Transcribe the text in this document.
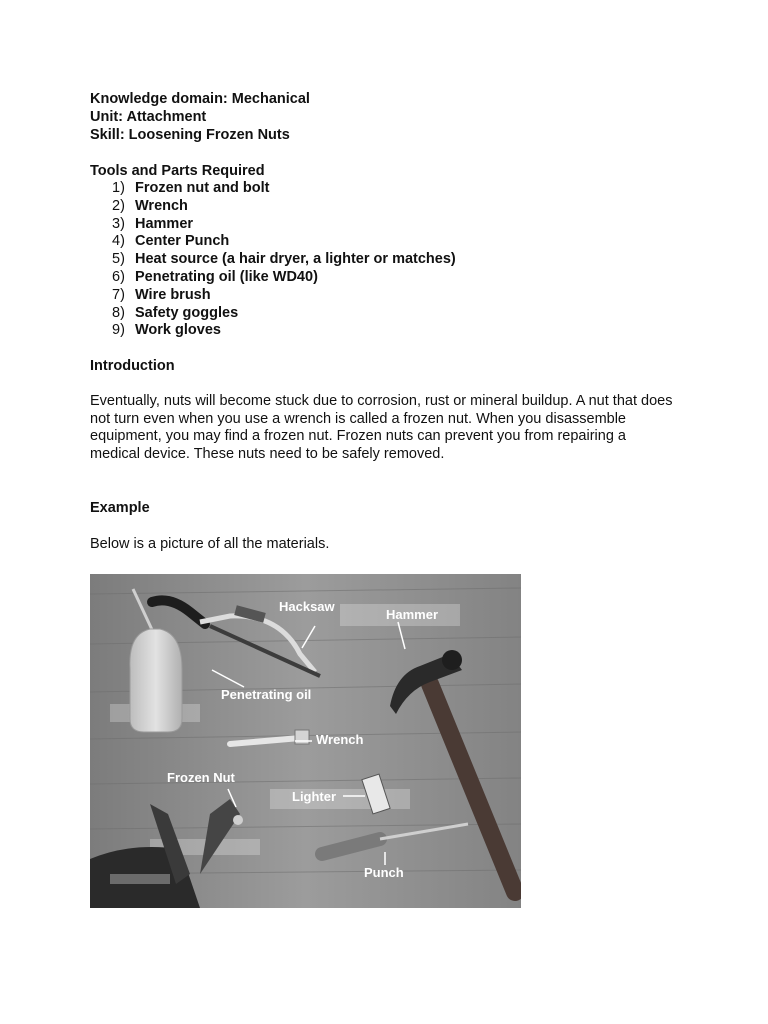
Knowledge domain: Mechanical
Unit: Attachment
Skill: Loosening Frozen Nuts
Tools and Parts Required
1) Frozen nut and bolt
2) Wrench
3) Hammer
4) Center Punch
5) Heat source (a hair dryer, a lighter or matches)
6) Penetrating oil (like WD40)
7) Wire brush
8) Safety goggles
9) Work gloves
Introduction
Eventually, nuts will become stuck due to corrosion, rust or mineral buildup. A nut that does not turn even when you use a wrench is called a frozen nut. When you disassemble equipment, you may find a frozen nut. Frozen nuts can prevent you from repairing a medical device. These nuts need to be safely removed.
Example
Below is a picture of all the materials.
Hacksaw
Hammer
Penetrating oil
Wrench
Frozen Nut
Lighter
Punch
